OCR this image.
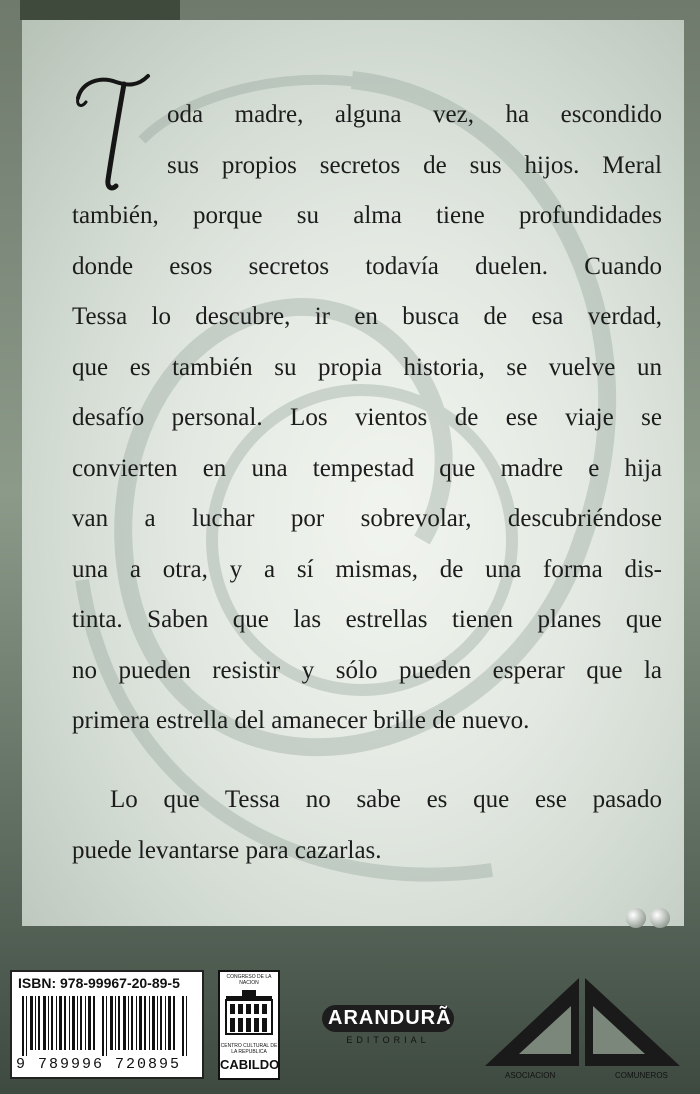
oda madre, alguna vez, ha escondido
sus propios secretos de sus hijos. Meral
también, porque su alma tiene profundidades
donde esos secretos todavía duelen. Cuando
Tessa lo descubre, ir en busca de esa verdad,
que es también su propia historia, se vuelve un
desafío personal. Los vientos de ese viaje se
convierten en una tempestad que madre e hija
van a luchar por sobrevolar, descubriéndose
una a otra, y a sí mismas, de una forma dis-
tinta. Saben que las estrellas tienen planes que
no pueden resistir y sólo pueden esperar que la
primera estrella del amanecer brille de nuevo.

Lo que Tessa no sabe es que ese pasado
puede levantarse para cazarlas.

ISBN: 978-99967-20-89-5
9 789996 720895
CONGRESO DE LA NACION
CENTRO CULTURAL DE LA REPUBLICA
CABILDO
ARANDURÃ
EDITORIAL
ASOCIACION	COMUNEROS
